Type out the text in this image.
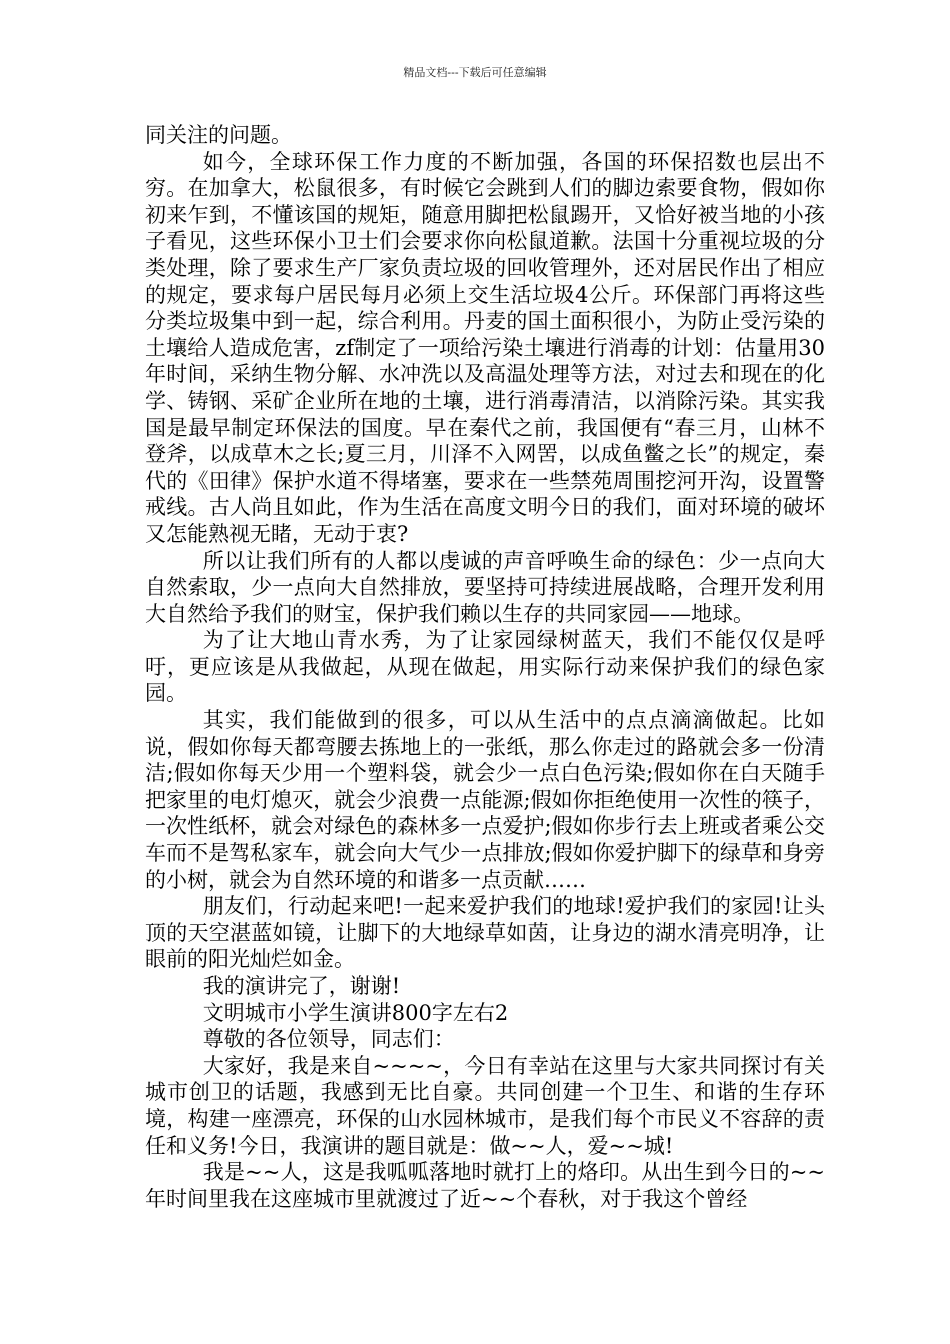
精品文档---下载后可任意编辑

同关注的问题。

如今，全球环保工作力度的不断加强，各国的环保招数也层出不穷。在加拿大，松鼠很多，有时候它会跳到人们的脚边索要食物，假如你初来乍到，不懂该国的规矩，随意用脚把松鼠踢开，又恰好被当地的小孩子看见，这些环保小卫士们会要求你向松鼠道歉。法国十分重视垃圾的分类处理，除了要求生产厂家负责垃圾的回收管理外，还对居民作出了相应的规定，要求每户居民每月必须上交生活垃圾4公斤。环保部门再将这些分类垃圾集中到一起，综合利用。丹麦的国土面积很小，为防止受污染的土壤给人造成危害，zf制定了一项给污染土壤进行消毒的计划：估量用30年时间，采纳生物分解、水冲洗以及高温处理等方法，对过去和现在的化学、铸钢、采矿企业所在地的土壤，进行消毒清洁，以消除污染。其实我国是最早制定环保法的国度。早在秦代之前，我国便有“春三月，山林不登斧，以成草木之长;夏三月，川泽不入网罟，以成鱼鳖之长”的规定，秦代的《田律》保护水道不得堵塞，要求在一些禁苑周围挖河开沟，设置警戒线。古人尚且如此，作为生活在高度文明今日的我们，面对环境的破坏又怎能熟视无睹，无动于衷?

所以让我们所有的人都以虔诚的声音呼唤生命的绿色：少一点向大自然索取，少一点向大自然排放，要坚持可持续进展战略，合理开发利用大自然给予我们的财宝，保护我们赖以生存的共同家园——地球。

为了让大地山青水秀，为了让家园绿树蓝天，我们不能仅仅是呼吁，更应该是从我做起，从现在做起，用实际行动来保护我们的绿色家园。

其实，我们能做到的很多，可以从生活中的点点滴滴做起。比如说，假如你每天都弯腰去拣地上的一张纸，那么你走过的路就会多一份清洁;假如你每天少用一个塑料袋，就会少一点白色污染;假如你在白天随手把家里的电灯熄灭，就会少浪费一点能源;假如你拒绝使用一次性的筷子，一次性纸杯，就会对绿色的森林多一点爱护;假如你步行去上班或者乘公交车而不是驾私家车，就会向大气少一点排放;假如你爱护脚下的绿草和身旁的小树，就会为自然环境的和谐多一点贡献……

朋友们，行动起来吧!一起来爱护我们的地球!爱护我们的家园!让头顶的天空湛蓝如镜，让脚下的大地绿草如茵，让身边的湖水清亮明净，让眼前的阳光灿烂如金。

我的演讲完了，谢谢!

文明城市小学生演讲800字左右2

尊敬的各位领导，同志们：

大家好，我是来自~~~~，今日有幸站在这里与大家共同探讨有关城市创卫的话题，我感到无比自豪。共同创建一个卫生、和谐的生存环境，构建一座漂亮，环保的山水园林城市，是我们每个市民义不容辞的责任和义务!今日，我演讲的题目就是：做~~人，爱~~城!

我是~~人，这是我呱呱落地时就打上的烙印。从出生到今日的~~年时间里我在这座城市里就渡过了近~~个春秋，对于我这个曾经
